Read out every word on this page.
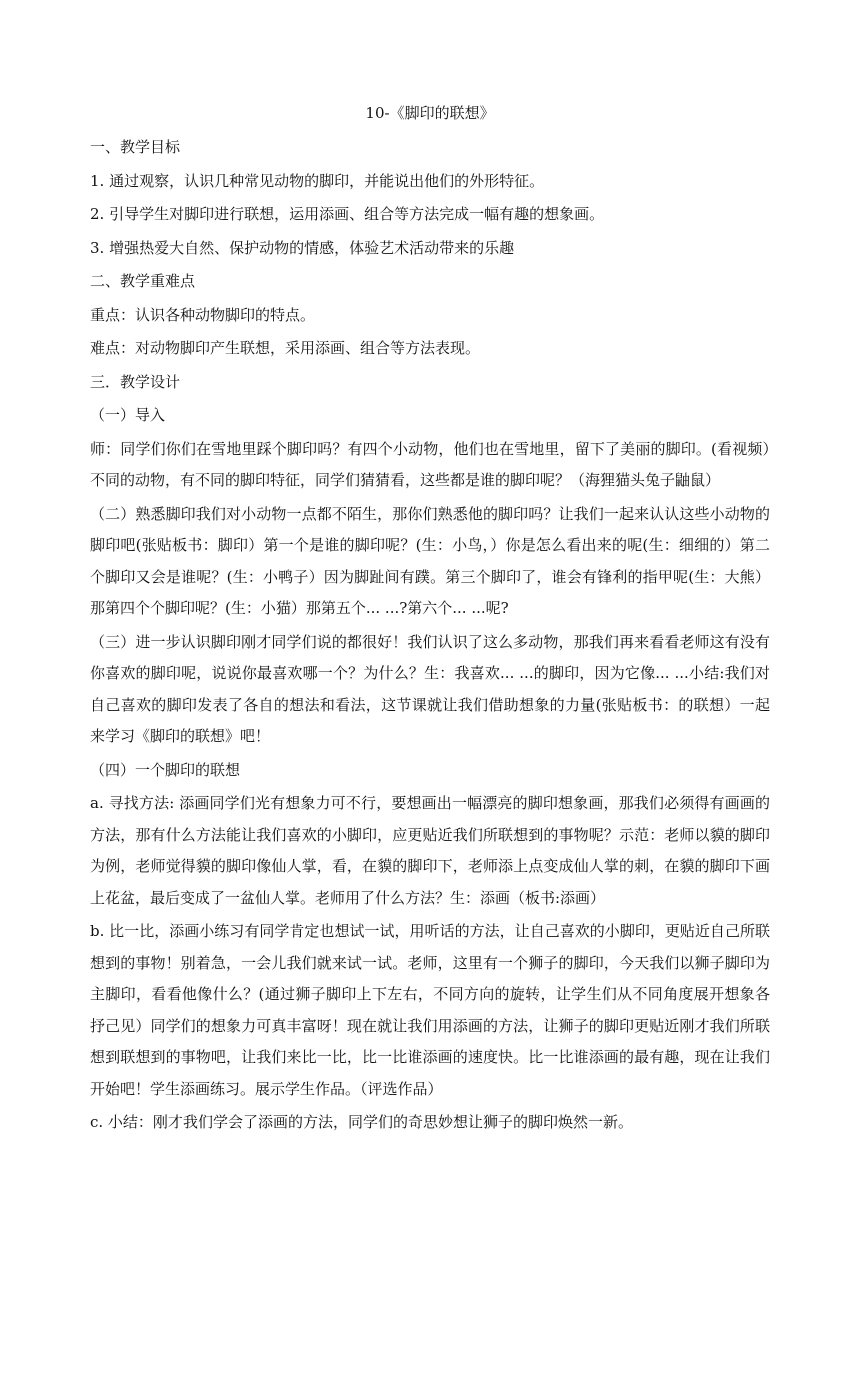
10-《脚印的联想》
一、教学目标
1. 通过观察，认识几种常见动物的脚印，并能说出他们的外形特征。
2. 引导学生对脚印进行联想，运用添画、组合等方法完成一幅有趣的想象画。
3. 增强热爱大自然、保护动物的情感，体验艺术活动带来的乐趣
二、教学重难点
重点：认识各种动物脚印的特点。
难点：对动物脚印产生联想，采用添画、组合等方法表现。
三．教学设计
（一）导入
师：同学们你们在雪地里踩个脚印吗？有四个小动物，他们也在雪地里，留下了美丽的脚印。(看视频）不同的动物，有不同的脚印特征，同学们猜猜看，这些都是谁的脚印呢？（海狸猫头兔子鼬鼠）
（二）熟悉脚印我们对小动物一点都不陌生，那你们熟悉他的脚印吗？让我们一起来认认这些小动物的脚印吧(张贴板书：脚印）第一个是谁的脚印呢？(生：小鸟，）你是怎么看出来的呢(生：细细的）第二个脚印又会是谁呢？(生：小鸭子）因为脚趾间有蹼。第三个脚印了，谁会有锋利的指甲呢(生：大熊）那第四个个脚印呢？(生：小猫）那第五个... ...?第六个... ...呢?
（三）进一步认识脚印刚才同学们说的都很好！我们认识了这么多动物，那我们再来看看老师这有没有你喜欢的脚印呢，说说你最喜欢哪一个？为什么？生：我喜欢... ...的脚印，因为它像... ...小结:我们对自己喜欢的脚印发表了各自的想法和看法，这节课就让我们借助想象的力量(张贴板书：的联想）一起来学习《脚印的联想》吧！
（四）一个脚印的联想
a. 寻找方法: 添画同学们光有想象力可不行，要想画出一幅漂亮的脚印想象画，那我们必须得有画画的方法，那有什么方法能让我们喜欢的小脚印，应更贴近我们所联想到的事物呢？示范：老师以貘的脚印为例，老师觉得貘的脚印像仙人掌，看，在貘的脚印下，老师添上点变成仙人掌的刺，在貘的脚印下画上花盆，最后变成了一盆仙人掌。老师用了什么方法？生：添画（板书:添画）
b. 比一比，添画小练习有同学肯定也想试一试，用听话的方法，让自己喜欢的小脚印，更贴近自己所联想到的事物！别着急，一会儿我们就来试一试。老师，这里有一个狮子的脚印，今天我们以狮子脚印为主脚印，看看他像什么？(通过狮子脚印上下左右，不同方向的旋转，让学生们从不同角度展开想象各抒己见）同学们的想象力可真丰富呀！现在就让我们用添画的方法，让狮子的脚印更贴近刚才我们所联想到联想到的事物吧，让我们来比一比，比一比谁添画的速度快。比一比谁添画的最有趣，现在让我们开始吧！学生添画练习。展示学生作品。（评选作品）
c. 小结：刚才我们学会了添画的方法，同学们的奇思妙想让狮子的脚印焕然一新。
